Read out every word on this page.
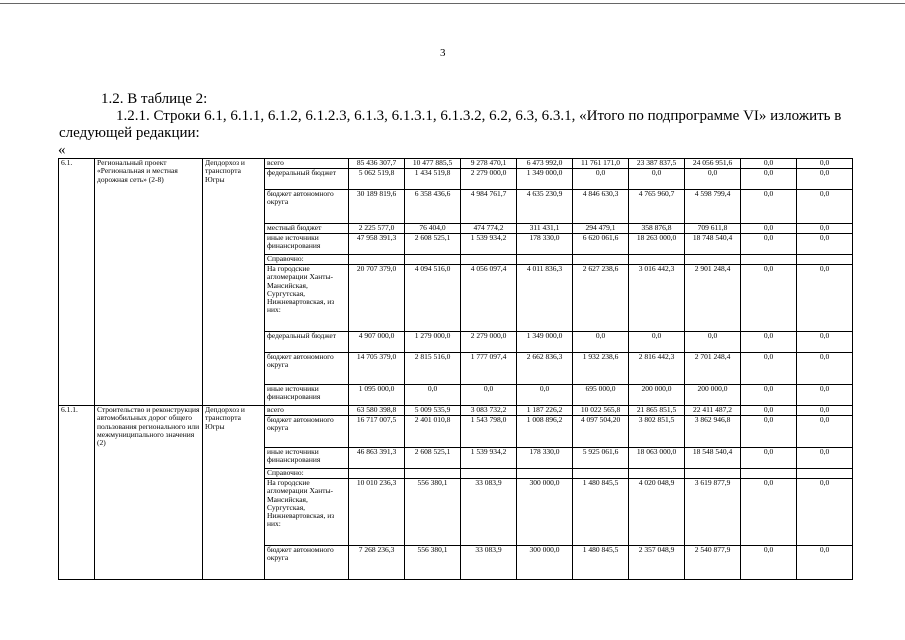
3
1.2. В таблице 2:
1.2.1. Строки 6.1, 6.1.1, 6.1.2, 6.1.2.3, 6.1.3, 6.1.3.1, 6.1.3.2, 6.2, 6.3, 6.3.1, «Итого по подпрограмме VI» изложить в
следующей редакции:
«
6.1.	Региональный проект «Региональная и местная дорожная сеть» (2-8)	Депдорхоз и транспорта Югры	всего	85 436 307,7	10 477 885,5	9 278 470,1	6 473 992,0	11 761 171,0	23 387 837,5	24 056 951,6	0,0	0,0
			федеральный бюджет	5 062 519,8	1 434 519,8	2 279 000,0	1 349 000,0	0,0	0,0	0,0	0,0	0,0
			бюджет автономного округа	30 189 819,6	6 358 436,6	4 984 761,7	4 635 230,9	4 846 630,3	4 765 960,7	4 598 799,4	0,0	0,0
			местный бюджет	2 225 577,0	76 404,0	474 774,2	311 431,1	294 479,1	358 876,8	709 611,8	0,0	0,0
			иные источники финансирования	47 958 391,3	2 608 525,1	1 539 934,2	178 330,0	6 620 061,6	18 263 000,0	18 748 540,4	0,0	0,0
			Справочно:									
			На городские агломерации Ханты-Мансийская, Сургутская, Нижневартовская, из них:	20 707 379,0	4 094 516,0	4 056 097,4	4 011 836,3	2 627 238,6	3 016 442,3	2 901 248,4	0,0	0,0
			федеральный бюджет	4 907 000,0	1 279 000,0	2 279 000,0	1 349 000,0	0,0	0,0	0,0	0,0	0,0
			бюджет автономного округа	14 705 379,0	2 815 516,0	1 777 097,4	2 662 836,3	1 932 238,6	2 816 442,3	2 701 248,4	0,0	0,0
			иные источники финансирования	1 095 000,0	0,0	0,0	0,0	695 000,0	200 000,0	200 000,0	0,0	0,0
6.1.1.	Строительство и реконструкция автомобильных дорог общего пользования регионального или межмуниципального значения (2)	Депдорхоз и транспорта Югры	всего	63 580 398,8	5 009 535,9	3 083 732,2	1 187 226,2	10 022 565,8	21 865 851,5	22 411 487,2	0,0	0,0
			бюджет автономного округа	16 717 007,5	2 401 010,8	1 543 798,0	1 008 896,2	4 097 504,20	3 802 851,5	3 862 946,8	0,0	0,0
			иные источники финансирования	46 863 391,3	2 608 525,1	1 539 934,2	178 330,0	5 925 061,6	18 063 000,0	18 548 540,4	0,0	0,0
			Справочно:									
			На городские агломерации Ханты-Мансийская, Сургутская, Нижневартовская, из них:	10 010 236,3	556 380,1	33 083,9	300 000,0	1 480 845,5	4 020 048,9	3 619 877,9	0,0	0,0
			бюджет автономного округа	7 268 236,3	556 380,1	33 083,9	300 000,0	1 480 845,5	2 357 048,9	2 540 877,9	0,0	0,0
